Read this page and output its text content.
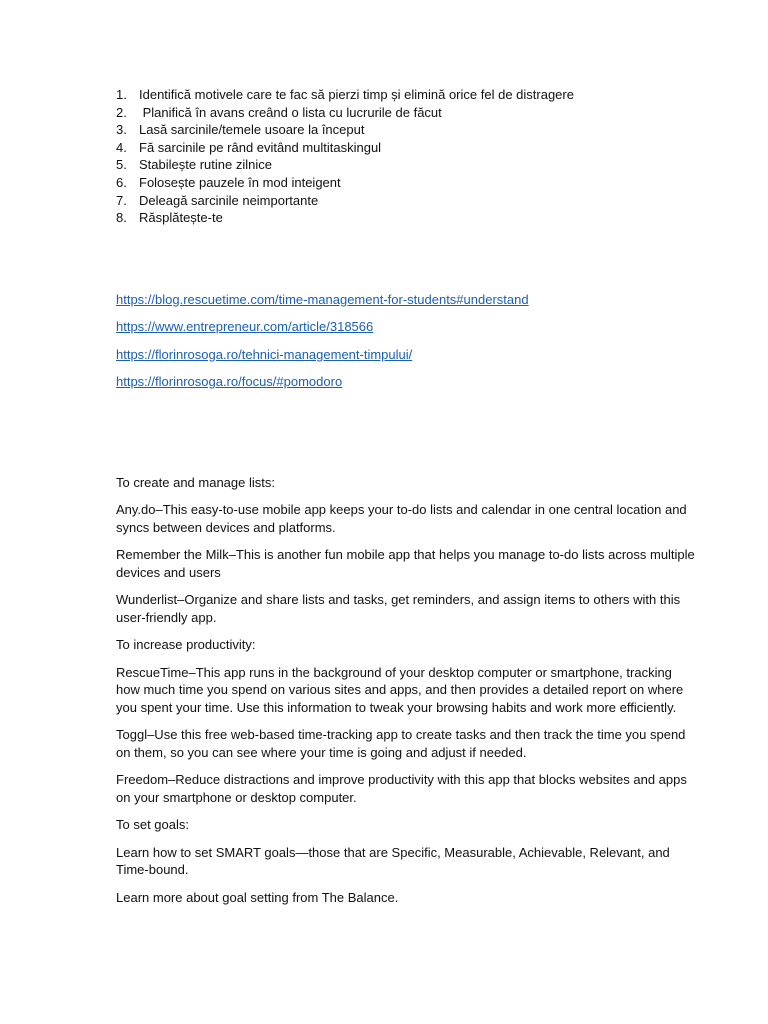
1. Identifică motivele care te fac să pierzi timp și elimină orice fel de distragere
2. Planifică în avans creând o lista cu lucrurile de făcut
3. Lasă sarcinile/temele usoare la început
4. Fă sarcinile pe rând evitând multitaskingul
5. Stabilește rutine zilnice
6. Folosește pauzele în mod inteigent
7. Deleagă sarcinile neimportante
8. Răsplătește-te
https://blog.rescuetime.com/time-management-for-students#understand
https://www.entrepreneur.com/article/318566
https://florinrosoga.ro/tehnici-management-timpului/
https://florinrosoga.ro/focus/#pomodoro

To create and manage lists:

Any.do–This easy-to-use mobile app keeps your to-do lists and calendar in one central location and syncs between devices and platforms.

Remember the Milk–This is another fun mobile app that helps you manage to-do lists across multiple devices and users

Wunderlist–Organize and share lists and tasks, get reminders, and assign items to others with this user-friendly app.

To increase productivity:

RescueTime–This app runs in the background of your desktop computer or smartphone, tracking how much time you spend on various sites and apps, and then provides a detailed report on where you spent your time. Use this information to tweak your browsing habits and work more efficiently.

Toggl–Use this free web-based time-tracking app to create tasks and then track the time you spend on them, so you can see where your time is going and adjust if needed.

Freedom–Reduce distractions and improve productivity with this app that blocks websites and apps on your smartphone or desktop computer.

To set goals:

Learn how to set SMART goals—those that are Specific, Measurable, Achievable, Relevant, and Time-bound.

Learn more about goal setting from The Balance.
